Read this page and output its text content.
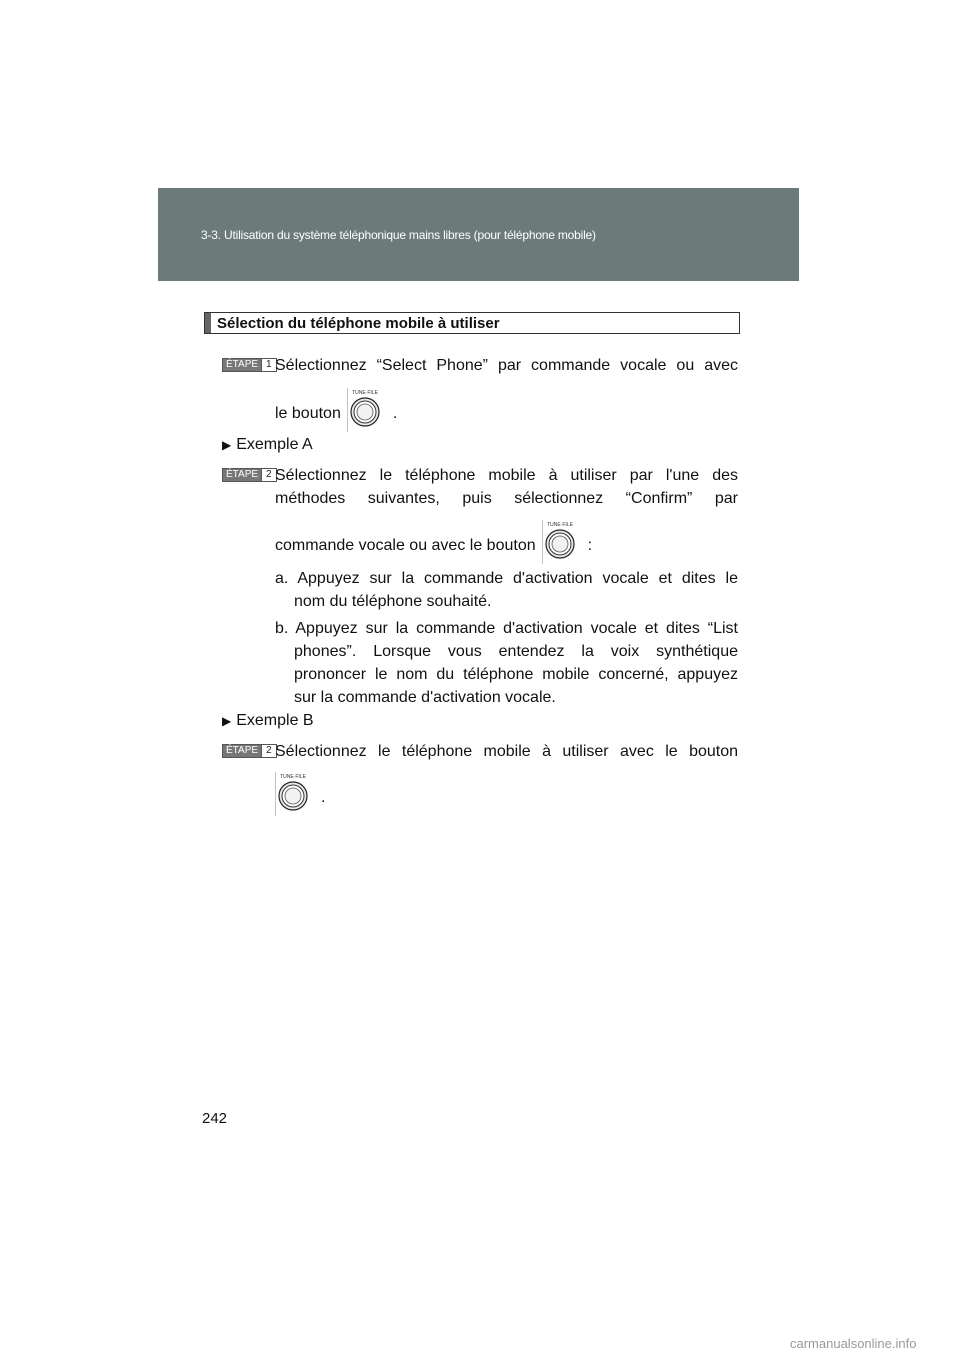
3-3. Utilisation du système téléphonique mains libres (pour téléphone mobile)
Sélection du téléphone mobile à utiliser
ÉTAPE 1 Sélectionnez “Select Phone” par commande vocale ou avec
le bouton
TUNE·FILE
.
▶ Exemple A
ÉTAPE 2 Sélectionnez le téléphone mobile à utiliser par l'une des
méthodes suivantes, puis sélectionnez “Confirm” par
commande vocale ou avec le bouton
TUNE·FILE
:
a. Appuyez sur la commande d'activation vocale et dites le
nom du téléphone souhaité.
b. Appuyez sur la commande d'activation vocale et dites “List
phones”. Lorsque vous entendez la voix synthétique
prononcer le nom du téléphone mobile concerné, appuyez
sur la commande d'activation vocale.
▶ Exemple B
ÉTAPE 2 Sélectionnez le téléphone mobile à utiliser avec le bouton
TUNE·FILE
.
242
carmanualsonline.info
